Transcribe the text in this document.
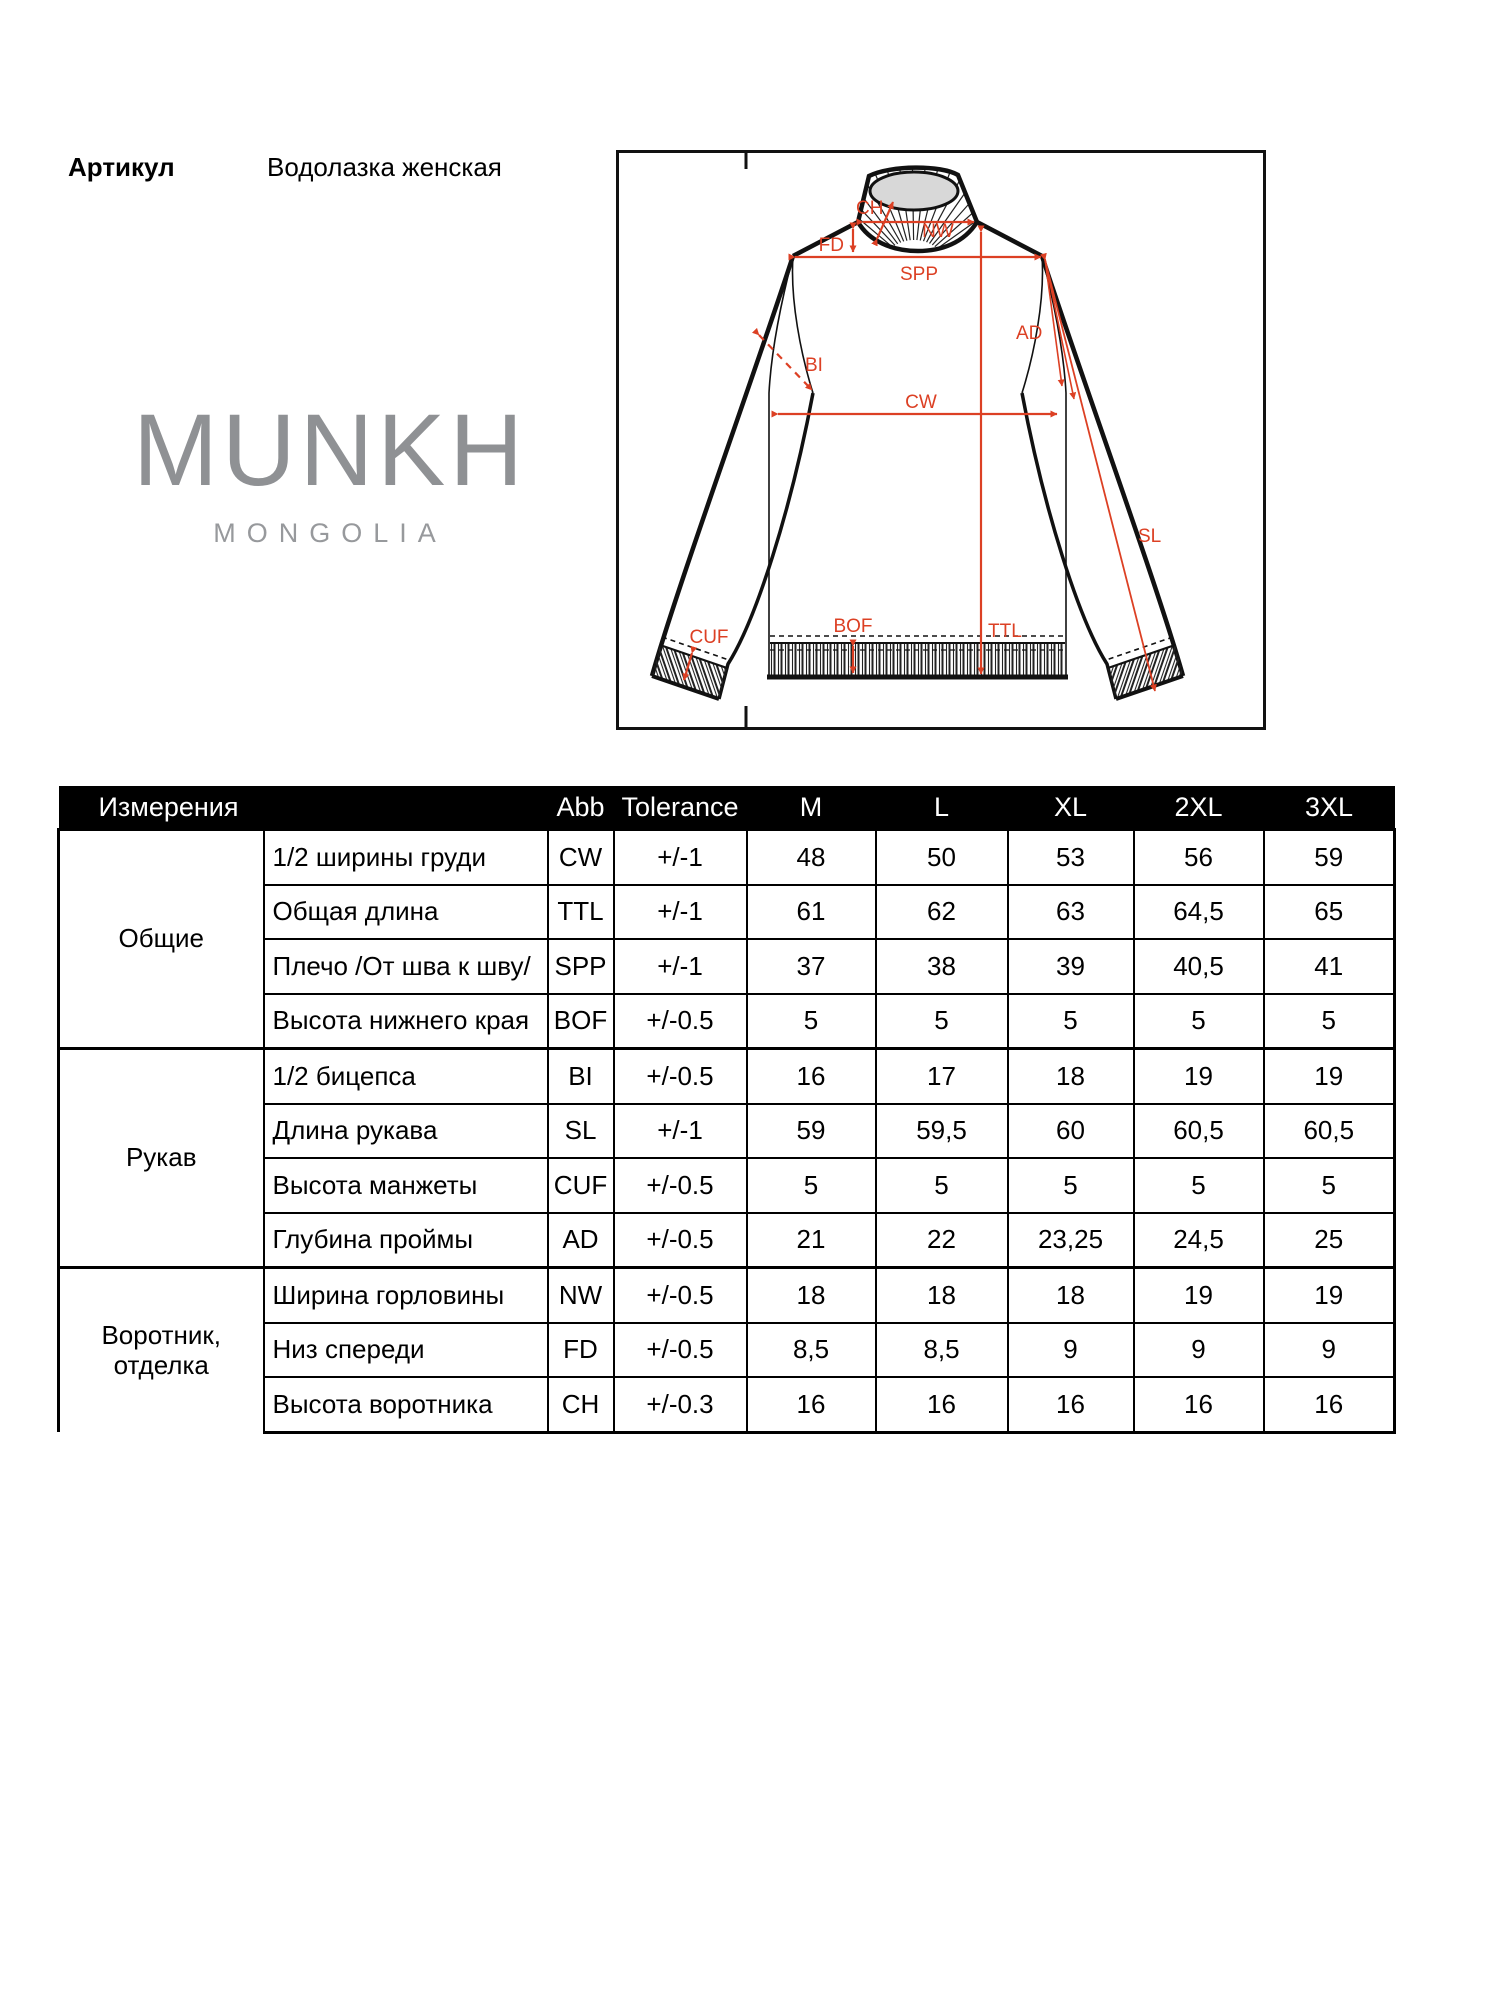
Артикул	Водолазка женская
MUNKH
MONGOLIA
CH
NW
FD
SPP
BI
CW
AD
SL
TTL
BOF
CUF
Измерения		Abb	Tolerance	M	L	XL	2XL	3XL
Общие	1/2 ширины груди	CW	+/-1	48	50	53	56	59
	Общая длина	TTL	+/-1	61	62	63	64,5	65
	Плечо /От шва к шву/	SPP	+/-1	37	38	39	40,5	41
	Высота нижнего края	BOF	+/-0.5	5	5	5	5	5
Рукав	1/2 бицепса	BI	+/-0.5	16	17	18	19	19
	Длина рукава	SL	+/-1	59	59,5	60	60,5	60,5
	Высота манжеты	CUF	+/-0.5	5	5	5	5	5
	Глубина проймы	AD	+/-0.5	21	22	23,25	24,5	25
Воротник, отделка	Ширина горловины	NW	+/-0.5	18	18	18	19	19
	Низ спереди	FD	+/-0.5	8,5	8,5	9	9	9
	Высота воротника	CH	+/-0.3	16	16	16	16	16
